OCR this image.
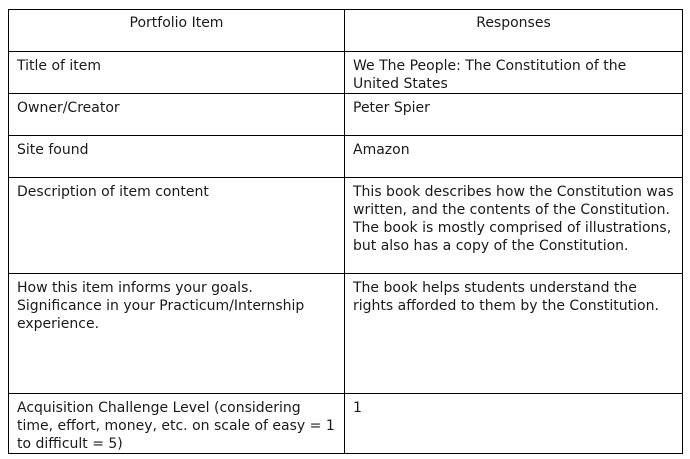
Portfolio Item	Responses
Title of item	We The People: The Constitution of the United States
Owner/Creator	Peter Spier
Site found	Amazon
Description of item content	This book describes how the Constitution was written, and the contents of the Constitution. The book is mostly comprised of illustrations, but also has a copy of the Constitution.
How this item informs your goals. Significance in your Practicum/Internship experience.	The book helps students understand the rights afforded to them by the Constitution.
Acquisition Challenge Level (considering time, effort, money, etc. on scale of easy = 1 to difficult = 5)	1
